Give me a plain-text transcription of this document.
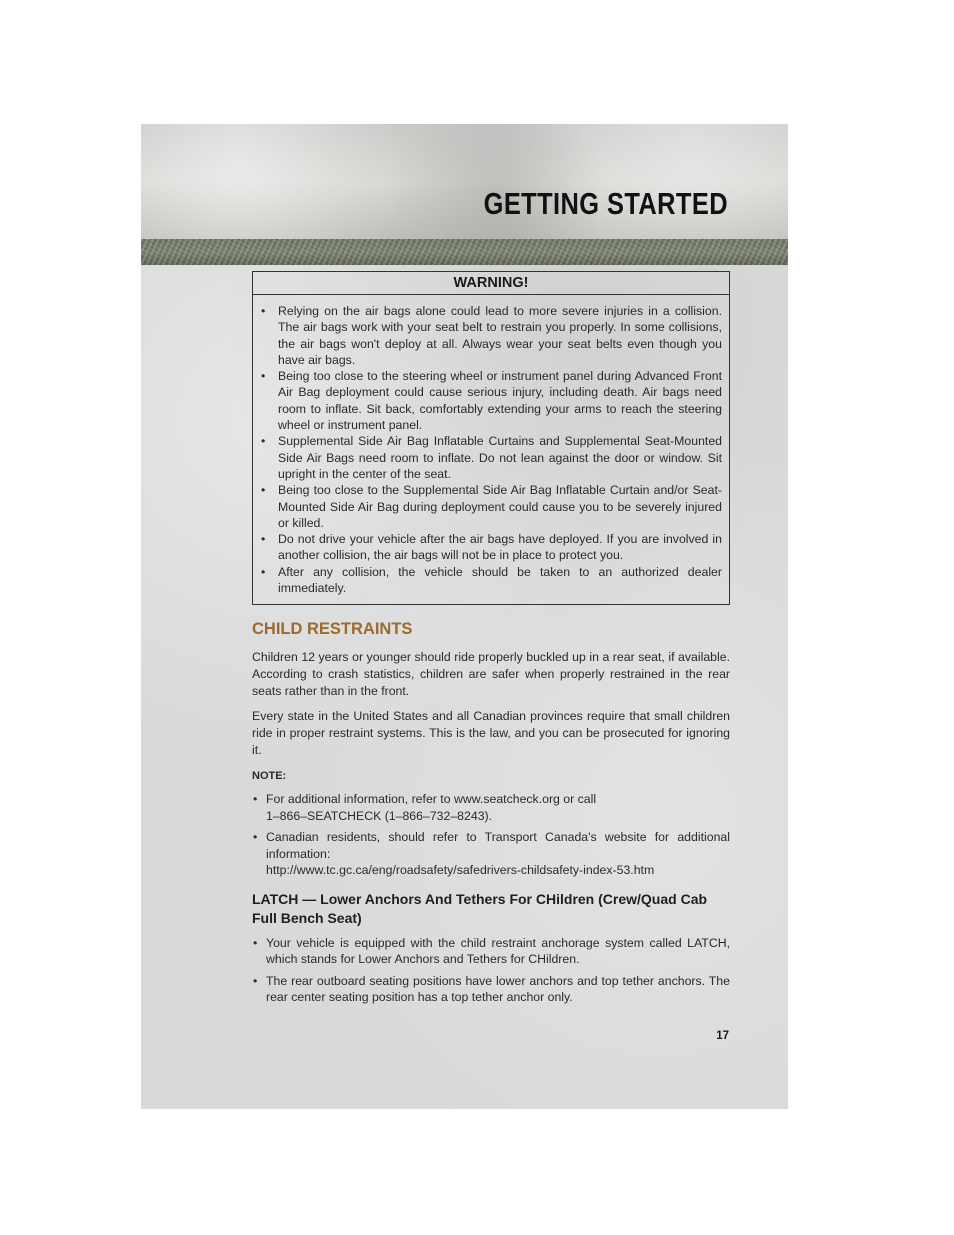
GETTING STARTED
WARNING!
• Relying on the air bags alone could lead to more severe injuries in a collision. The air bags work with your seat belt to restrain you properly. In some collisions, the air bags won't deploy at all. Always wear your seat belts even though you have air bags.
• Being too close to the steering wheel or instrument panel during Advanced Front Air Bag deployment could cause serious injury, including death. Air bags need room to inflate. Sit back, comfortably extending your arms to reach the steering wheel or instrument panel.
• Supplemental Side Air Bag Inflatable Curtains and Supplemental Seat-Mounted Side Air Bags need room to inflate. Do not lean against the door or window. Sit upright in the center of the seat.
• Being too close to the Supplemental Side Air Bag Inflatable Curtain and/or Seat-Mounted Side Air Bag during deployment could cause you to be severely injured or killed.
• Do not drive your vehicle after the air bags have deployed. If you are involved in another collision, the air bags will not be in place to protect you.
• After any collision, the vehicle should be taken to an authorized dealer immediately.
CHILD RESTRAINTS

Children 12 years or younger should ride properly buckled up in a rear seat, if available. According to crash statistics, children are safer when properly restrained in the rear seats rather than in the front.

Every state in the United States and all Canadian provinces require that small children ride in proper restraint systems. This is the law, and you can be prosecuted for ignoring it.

NOTE:
• For additional information, refer to www.seatcheck.org or call
1–866–SEATCHECK (1–866–732–8243).
• Canadian residents, should refer to Transport Canada's website for additional information:
http://www.tc.gc.ca/eng/roadsafety/safedrivers-childsafety-index-53.htm
LATCH — Lower Anchors And Tethers For CHildren (Crew/Quad Cab Full Bench Seat)
• Your vehicle is equipped with the child restraint anchorage system called LATCH, which stands for Lower Anchors and Tethers for CHildren.
• The rear outboard seating positions have lower anchors and top tether anchors. The rear center seating position has a top tether anchor only.
17
